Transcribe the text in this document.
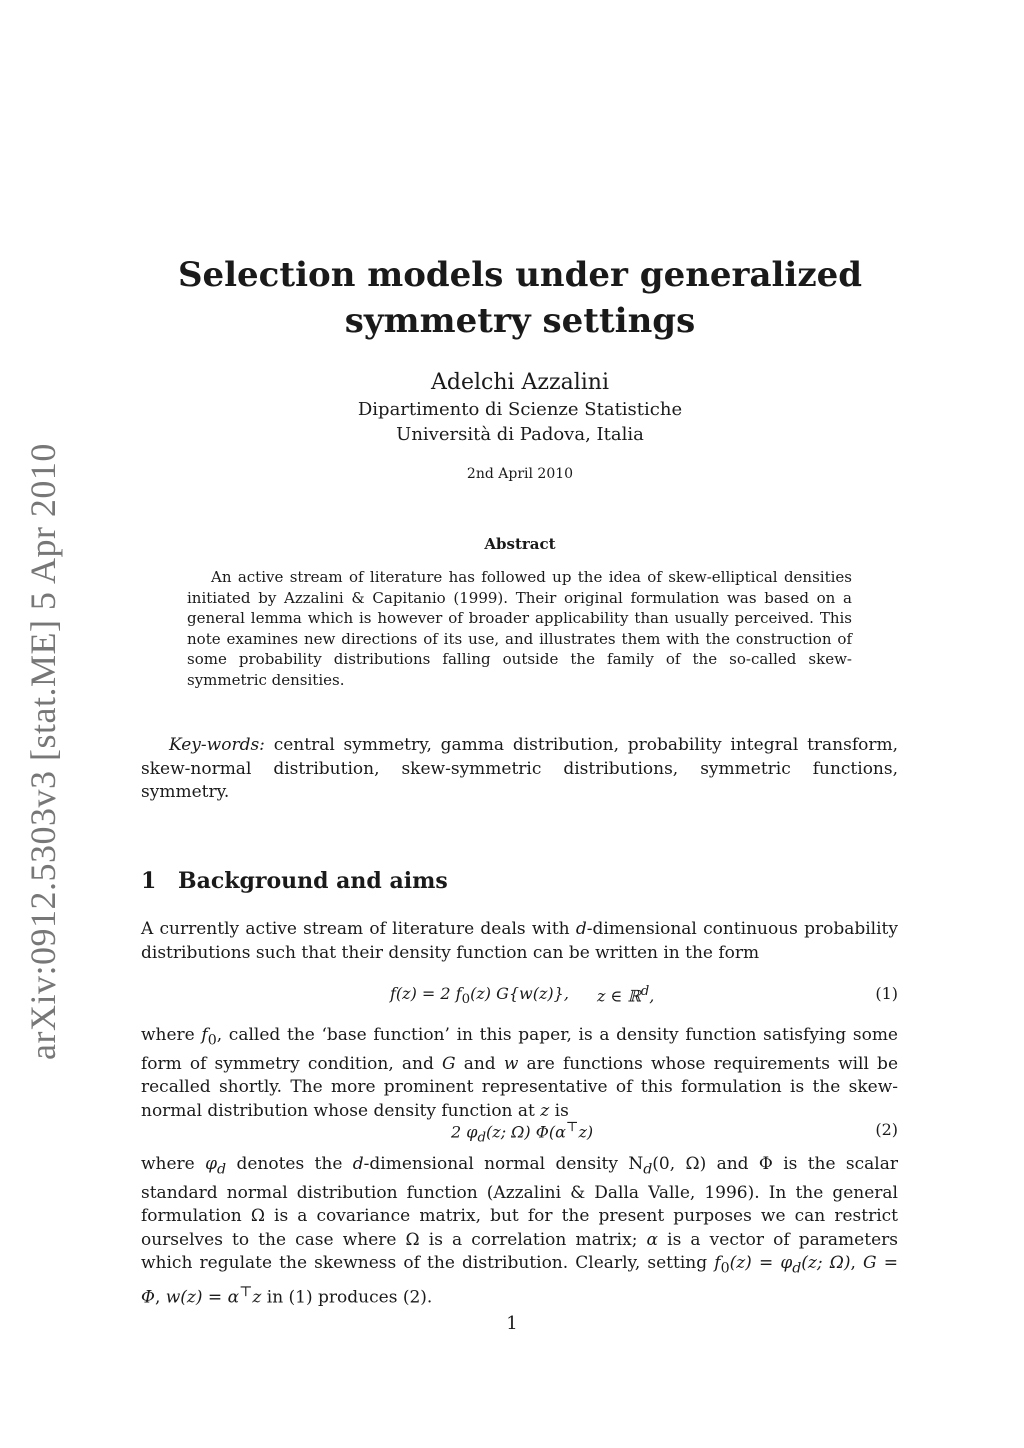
arXiv:0912.5303v3 [stat.ME] 5 Apr 2010
Selection models under generalized
symmetry settings
Adelchi Azzalini
Dipartimento di Scienze Statistiche
Università di Padova, Italia
2nd April 2010
Abstract

An active stream of literature has followed up the idea of skew-elliptical densities initiated by Azzalini & Capitanio (1999). Their original formulation was based on a general lemma which is however of broader applicability than usually perceived. This note examines new directions of its use, and illustrates them with the construction of some probability distributions falling outside the family of the so-called skew-symmetric densities.

Key-words: central symmetry, gamma distribution, probability integral transform, skew-normal distribution, skew-symmetric distributions, symmetric functions, symmetry.

1 Background and aims

A currently active stream of literature deals with d-dimensional continuous probability distributions such that their density function can be written in the form

f(z) = 2 $f_0(z)$ G{w(z)}, z ∈ ℝ$^d$,	(1)

where $f_0$, called the ‘base function’ in this paper, is a density function satisfying some form of symmetry condition, and G and w are functions whose requirements will be recalled shortly. The more prominent representative of this formulation is the skew-normal distribution whose density function at z is

2 $\varphi_d(z$; Ω) Φ(α⊤z)	(2)

where $\varphi_d$ denotes the d-dimensional normal density $N_d(0$, Ω) and Φ is the scalar standard normal distribution function (Azzalini & Dalla Valle, 1996). In the general formulation Ω is a covariance matrix, but for the present purposes we can restrict ourselves to the case where Ω is a correlation matrix; α is a vector of parameters which regulate the skewness of the distribution. Clearly, setting $f_0(z) = \varphi_d(z$; Ω), G = Φ, w(z) = α⊤z in (1) produces (2).

1
